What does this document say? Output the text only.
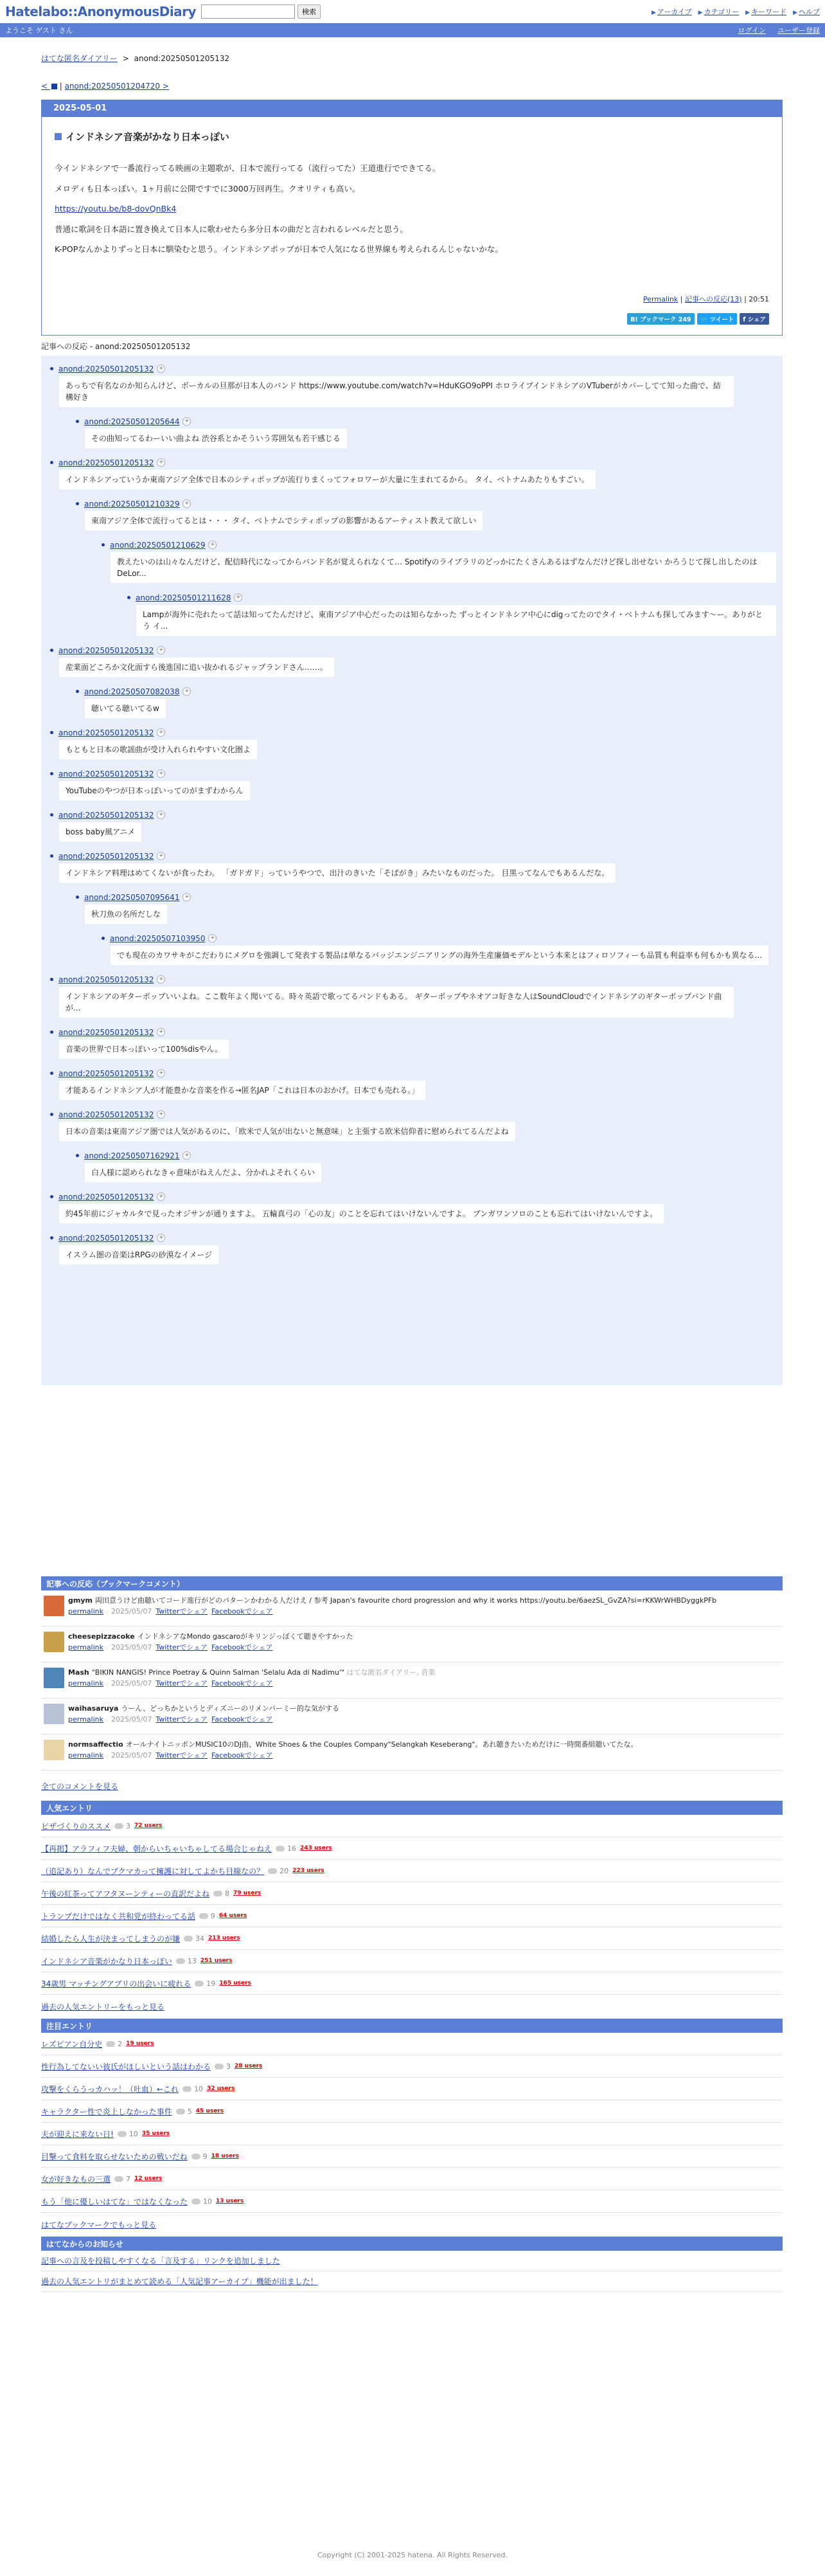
Hatelabo::AnonymousDiary	検索	▶ アーカイブ ▶ カテゴリー ▶ キーワード ▶ ヘルプ
ようこそ ゲスト さん	ログイン ユーザー登録
はてな匿名ダイアリー > anond:20250501205132
< | anond:20250501204720 >
2025-05-01
インドネシア音楽がかなり日本っぽい

今インドネシアで一番流行ってる映画の主題歌が、日本で流行ってる（流行ってた）王道進行でできてる。

メロディも日本っぽい。1ヶ月前に公開ですでに3000万回再生。クオリティも高い。

https://youtu.be/b8-dovQnBk4

普通に歌詞を日本語に置き換えて日本人に歌わせたら多分日本の曲だと言われるレベルだと思う。

K-POPなんかよりずっと日本に馴染むと思う。インドネシアポップが日本で人気になる世界線も考えられるんじゃないかな。

Permalink | 記事への反応(13) | 20:51
B! ブックマーク 249	🐦 ツイート	f シェア
記事への反応 - anond:20250501205132
anond:20250501205132 +
あっちで有名なのか知らんけど、ボーカルの旦那が日本人のバンド https://www.youtube.com/watch?v=HduKGO9oPPI ホロライブインドネシアのVTuberがカバーしてて知った曲で、結構好き
anond:20250501205644 +
その曲知ってるわーいい曲よね 渋谷系とかそういう雰囲気も若干感じる
anond:20250501205132 +
インドネシアっていうか東南アジア全体で日本のシティポップが流行りまくってフォロワーが大量に生まれてるから。 タイ、ベトナムあたりもすごい。
anond:20250501210329 +
東南アジア全体で流行ってるとは・・・ タイ、ベトナムでシティポップの影響があるアーティスト教えて欲しい
anond:20250501210629 +
教えたいのは山々なんだけど、配信時代になってからバンド名が覚えられなくて… Spotifyのライブラリのどっかにたくさんあるはずなんだけど探し出せない かろうじて探し出したのはDeLor...
anond:20250501211628 +
Lampが海外に売れたって話は知ってたんだけど、東南アジア中心だったのは知らなかった ずっとインドネシア中心にdigってたのでタイ・ベトナムも探してみます〜ー。ありがとう イ...
anond:20250501205132 +
産業面どころか文化面すら後進国に追い抜かれるジャップランドさん……。
anond:20250507082038 +
聴いてる聴いてるw
anond:20250501205132 +
もともと日本の歌謡曲が受け入れられやすい文化圏よ
anond:20250501205132 +
YouTubeのやつが日本っぽいってのがまずわからん
anond:20250501205132 +
boss baby風アニメ
anond:20250501205132 +
インドネシア料理はめてくないが食ったわ。 「ガドガド」っていうやつで、出汁のきいた「そばがき」みたいなものだった。 目黒ってなんでもあるんだな。
anond:20250507095641 +
秋刀魚の名所だしな
anond:20250507103950 +
でも現在のカワサキがこだわりにメグロを強調して発表する製品は単なるバッジエンジニアリングの海外生産廉価モデルという本来とはフィロソフィーも品質も利益率も何もかも異なる...
anond:20250501205132 +
インドネシアのギターポップいいよね。ここ数年よく聞いてる。時々英語で歌ってるバンドもある。 ギターポップやネオアコ好きな人はSoundCloudでインドネシアのギターポップバンド曲が...
anond:20250501205132 +
音楽の世界で日本っぽいって100%disやん。
anond:20250501205132 +
才能あるインドネシア人が才能豊かな音楽を作る→匿名JAP「これは日本のおかげ。日本でも売れる。」
anond:20250501205132 +
日本の音楽は東南アジア圏では人気があるのに、「欧米で人気が出ないと無意味」と主張する欧米信仰者に慰められてるんだよね
anond:20250507162921 +
白人様に認められなきゃ意味がねえんだよ、分かれよそれくらい
anond:20250501205132 +
約45年前にジャカルタで見ったオジサンが通りますよ。 五輪真弓の「心の友」のことを忘れてはいけないんですよ。 ブンガワンソロのことも忘れてはいけないんですよ。
anond:20250501205132 +
イスラム圏の音楽はRPGの砂漠なイメージ
記事への反応（ブックマークコメント）
gmym 両田意うけど曲聴いてコード進行がどのパターンかわかる人だけえ / 参考 Japan's favourite chord progression and why it works https://youtu.be/6aezSL_GvZA?si=rKKWrWHBDyggkPFb
permalink 2025/05/07 Twitterでシェア Facebookでシェア
cheesepizzacoke インドネシアなMondo gascaroがキリンジっぽくて聴きやすかった
permalink 2025/05/07 Twitterでシェア Facebookでシェア
Mash "BIKIN NANGIS! Prince Poetray & Quinn Salman 'Selalu Ada di Nadimu'" はてな匿名ダイアリー, 音楽
permalink 2025/05/07 Twitterでシェア Facebookでシェア
waihasaruya うーん、どっちかというとディズニーのリメンバーミー的な気がする
permalink 2025/05/07 Twitterでシェア Facebookでシェア
normsaffectio オールナイトニッポンMUSIC10のDJ曲、White Shoes & the Couples Company"Selangkah Keseberang"。あれ聴きたいためだけに一時間番組聴いてたな。
permalink 2025/05/07 Twitterでシェア Facebookでシェア
全てのコメントを見る
人気エントリ
ピザづくりのススメ	3 72 users
【再掲】アラフィフ夫婦、朝からいちゃいちゃしてる場合じゃねえ	16 243 users
（追記あり）なんでブクマカって擁護に対してよかち目線なの？	20 223 users
午後の紅茶ってアフタヌーンティーの直訳だよね	8 79 users
トランプだけではなく共和党が終わってる話	9 64 users
結婚したら人生が決まってしまうのが嫌	34 213 users
インドネシア音楽がかなり日本っぽい	13 251 users
34歳男 マッチングアプリの出会いに疲れる	19 165 users
過去の人気エントリーをもっと見る
注目エントリ
レズビアン自分史	2 19 users
性行為してないい彼氏がほしいという話はわかる	3 28 users
攻撃をくらうっカハッ！（吐血）←これ	10 32 users
キャラクター性で炎上しなかった事件	5 45 users
夫が迎えに来ない日!	10 35 users
目撃って食料を取らせないための戦いだね	9 18 users
女が好きなもの三選	7 12 users
もう「他に優しいはてな」ではなくなった	10 13 users
はてなブックマークでもっと見る
はてなからのお知らせ
記事への言及を投稿しやすくなる「言及する」リンクを追加しました
過去の人気エントリがまとめて読める「人気記事アーカイブ」機能が出ました！
Copyright (C) 2001-2025 hatena. All Rights Reserved.
